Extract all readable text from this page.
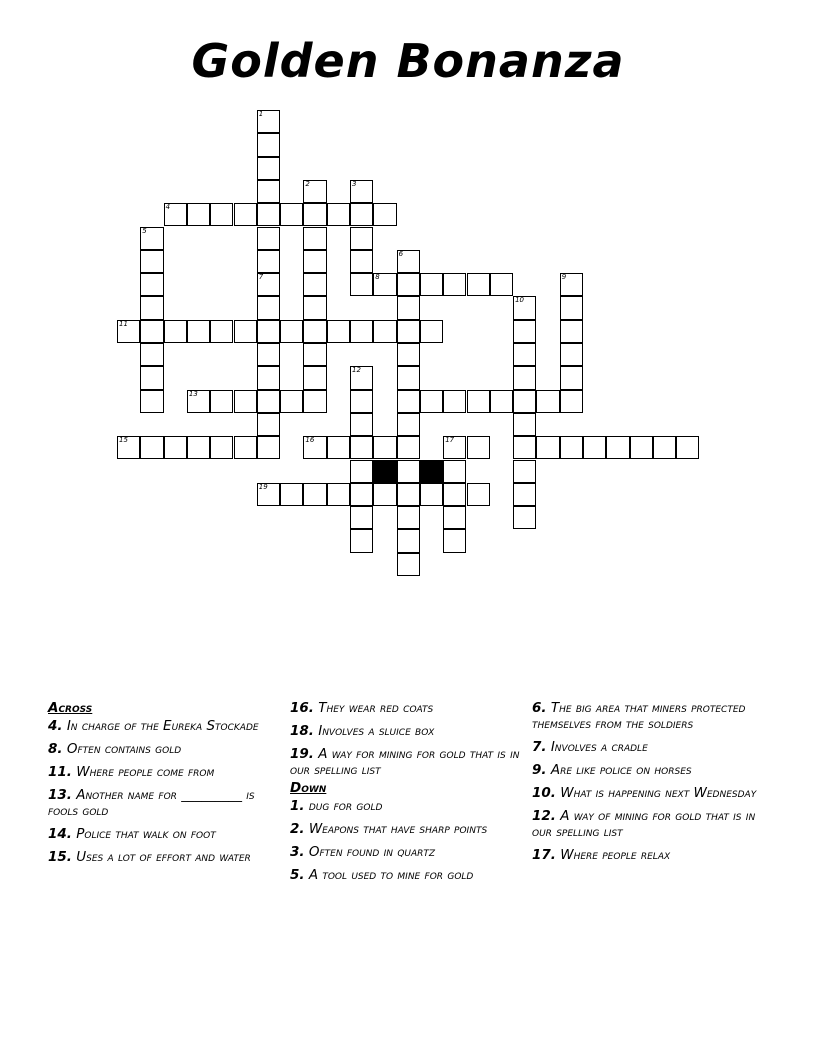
Golden Bonanza
1
2	3
4
5
6
7	8	9
10
11
12
13
15	16	17
19
Across
4. In charge of the Eureka Stockade
8. Often contains gold
11. Where people come from
13. Another name for _________ is fools gold
14. Police that walk on foot
15. Uses a lot of effort and water
16. They wear red coats
18. Involves a sluice box
19. A way for mining for gold that is in our spelling list
Down
1. dug for gold
2. Weapons that have sharp points
3. Often found in quartz
5. A tool used to mine for gold
6. The big area that miners protected themselves from the soldiers
7. Involves a cradle
9. Are like police on horses
10. What is happening next Wednesday
12. A way of mining for gold that is in our spelling list
17. Where people relax
